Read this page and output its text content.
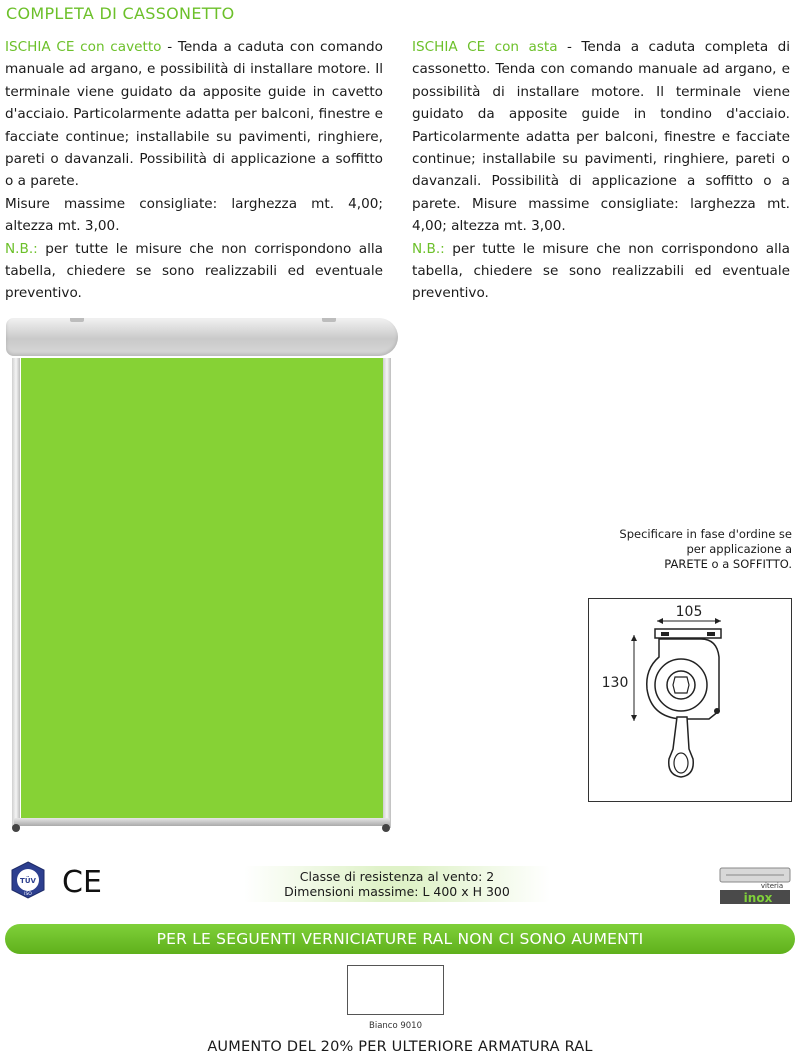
COMPLETA DI CASSONETTO

ISCHIA CE con cavetto - Tenda a caduta con comando manuale ad argano, e possibilità di installare motore. Il terminale viene guidato da apposite guide in cavetto d'acciaio. Particolarmente adatta per balconi, finestre e facciate continue; installabile su pavimenti, ringhiere, pareti o davanzali. Possibilità di applicazione a soffitto o a parete.

Misure massime consigliate: larghezza mt. 4,00; altezza mt. 3,00.

N.B.: per tutte le misure che non corrispondono alla tabella, chiedere se sono realizzabili ed eventuale preventivo.

ISCHIA CE con asta - Tenda a caduta completa di cassonetto. Tenda con comando manuale ad argano, e possibilità di installare motore. Il terminale viene guidato da apposite guide in tondino d'acciaio. Particolarmente adatta per balconi, finestre e facciate continue; installabile su pavimenti, ringhiere, pareti o davanzali. Possibilità di applicazione a soffitto o a parete. Misure massime consigliate: larghezza mt. 4,00; altezza mt. 3,00.

N.B.: per tutte le misure che non corrispondono alla tabella, chiedere se sono realizzabili ed eventuale preventivo.

Specificare in fase d'ordine se
per applicazione a
PARETE o a SOFFITTO.
105
130
TÜV
ISO CE	Classe di resistenza al vento: 2
Dimensioni massime: L 400 x H 300	viteria
inox
PER LE SEGUENTI VERNICIATURE RAL NON CI SONO AUMENTI
Bianco 9010
AUMENTO DEL 20% PER ULTERIORE ARMATURA RAL
